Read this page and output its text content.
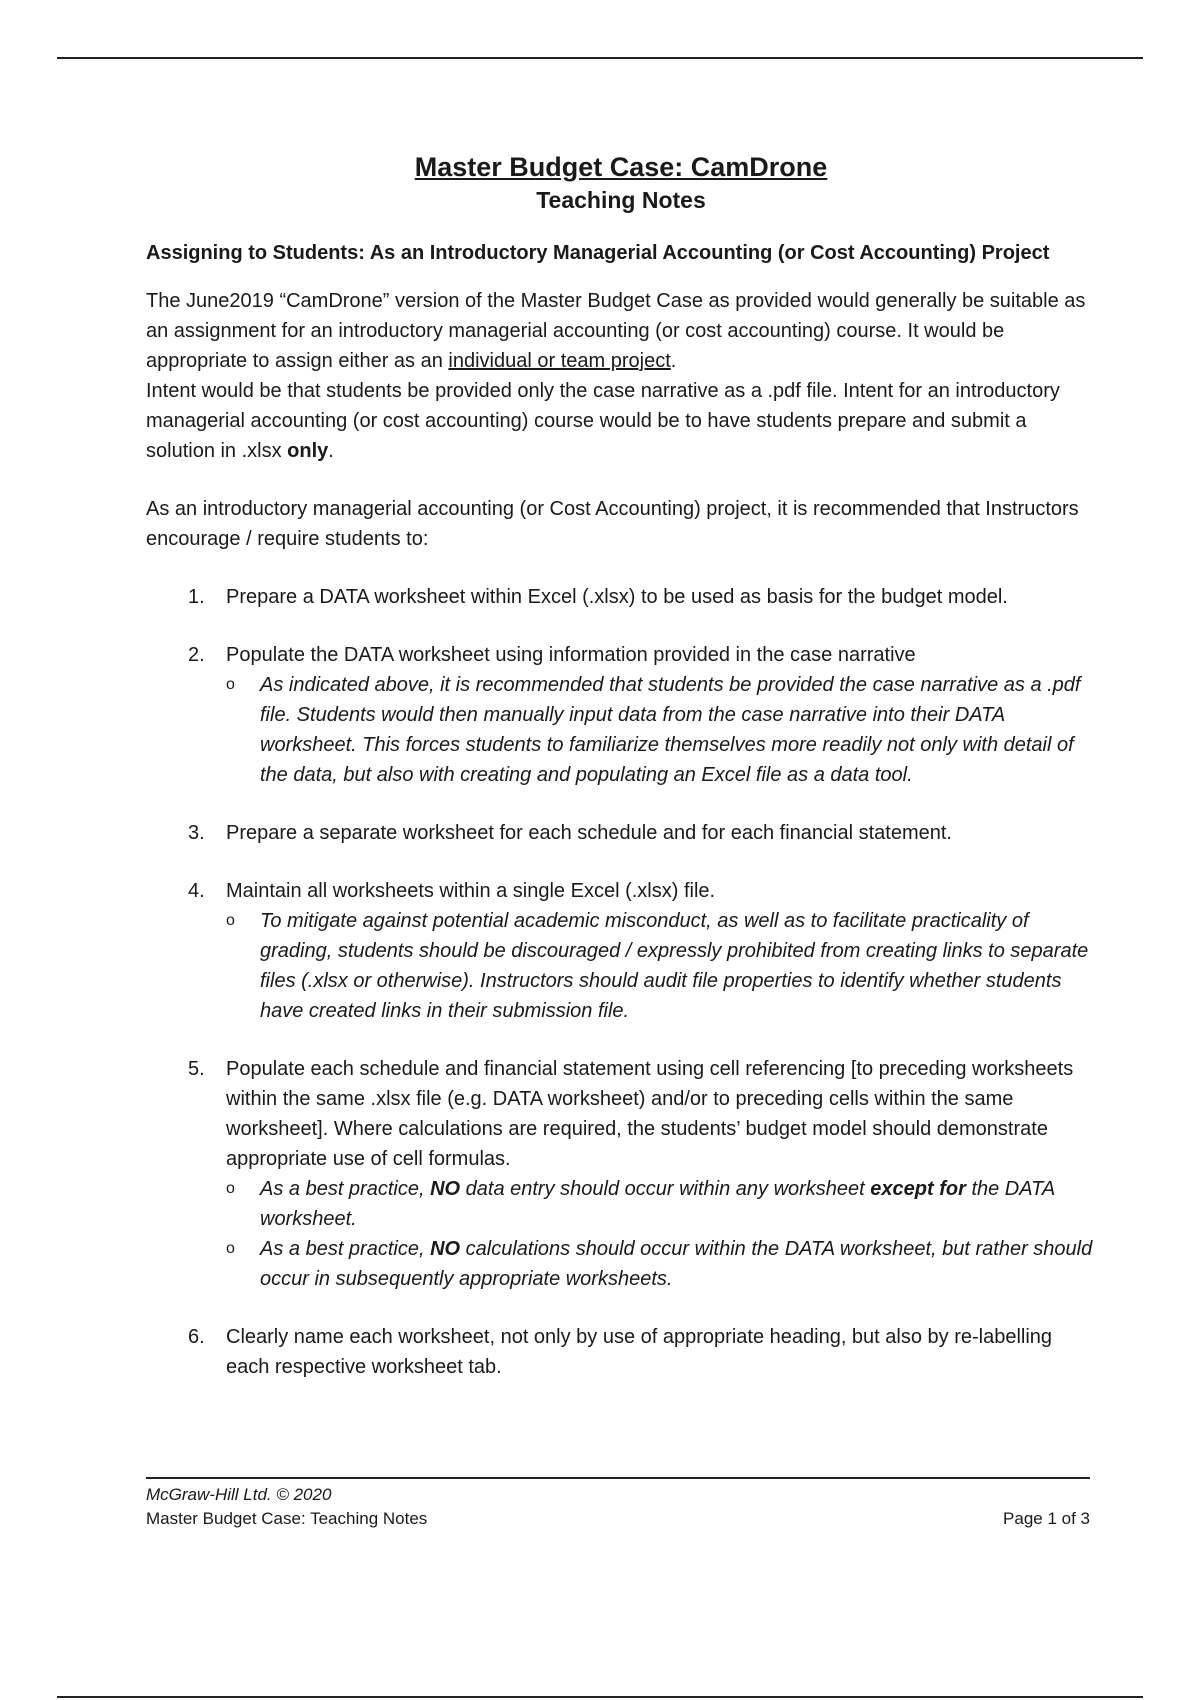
Master Budget Case: CamDrone
Teaching Notes

Assigning to Students: As an Introductory Managerial Accounting (or Cost Accounting) Project

The June2019 “CamDrone” version of the Master Budget Case as provided would generally be suitable as an assignment for an introductory managerial accounting (or cost accounting) course. It would be appropriate to assign either as an individual or team project.
Intent would be that students be provided only the case narrative as a .pdf file. Intent for an introductory managerial accounting (or cost accounting) course would be to have students prepare and submit a solution in .xlsx only.

As an introductory managerial accounting (or Cost Accounting) project, it is recommended that Instructors encourage / require students to:

1.	Prepare a DATA worksheet within Excel (.xlsx) to be used as basis for the budget model.
2.	Populate the DATA worksheet using information provided in the case narrative
o As indicated above, it is recommended that students be provided the case narrative as a .pdf file. Students would then manually input data from the case narrative into their DATA worksheet. This forces students to familiarize themselves more readily not only with detail of the data, but also with creating and populating an Excel file as a data tool.
3.	Prepare a separate worksheet for each schedule and for each financial statement.
4.	Maintain all worksheets within a single Excel (.xlsx) file.
o To mitigate against potential academic misconduct, as well as to facilitate practicality of grading, students should be discouraged / expressly prohibited from creating links to separate files (.xlsx or otherwise). Instructors should audit file properties to identify whether students have created links in their submission file.
5.	Populate each schedule and financial statement using cell referencing [to preceding worksheets within the same .xlsx file (e.g. DATA worksheet) and/or to preceding cells within the same worksheet]. Where calculations are required, the students’ budget model should demonstrate appropriate use of cell formulas.
o As a best practice, NO data entry should occur within any worksheet except for the DATA worksheet.
o As a best practice, NO calculations should occur within the DATA worksheet, but rather should occur in subsequently appropriate worksheets.
6.	Clearly name each worksheet, not only by use of appropriate heading, but also by re-labelling each respective worksheet tab.
McGraw-Hill Ltd. © 2020
Master Budget Case: Teaching Notes	Page 1 of 3
